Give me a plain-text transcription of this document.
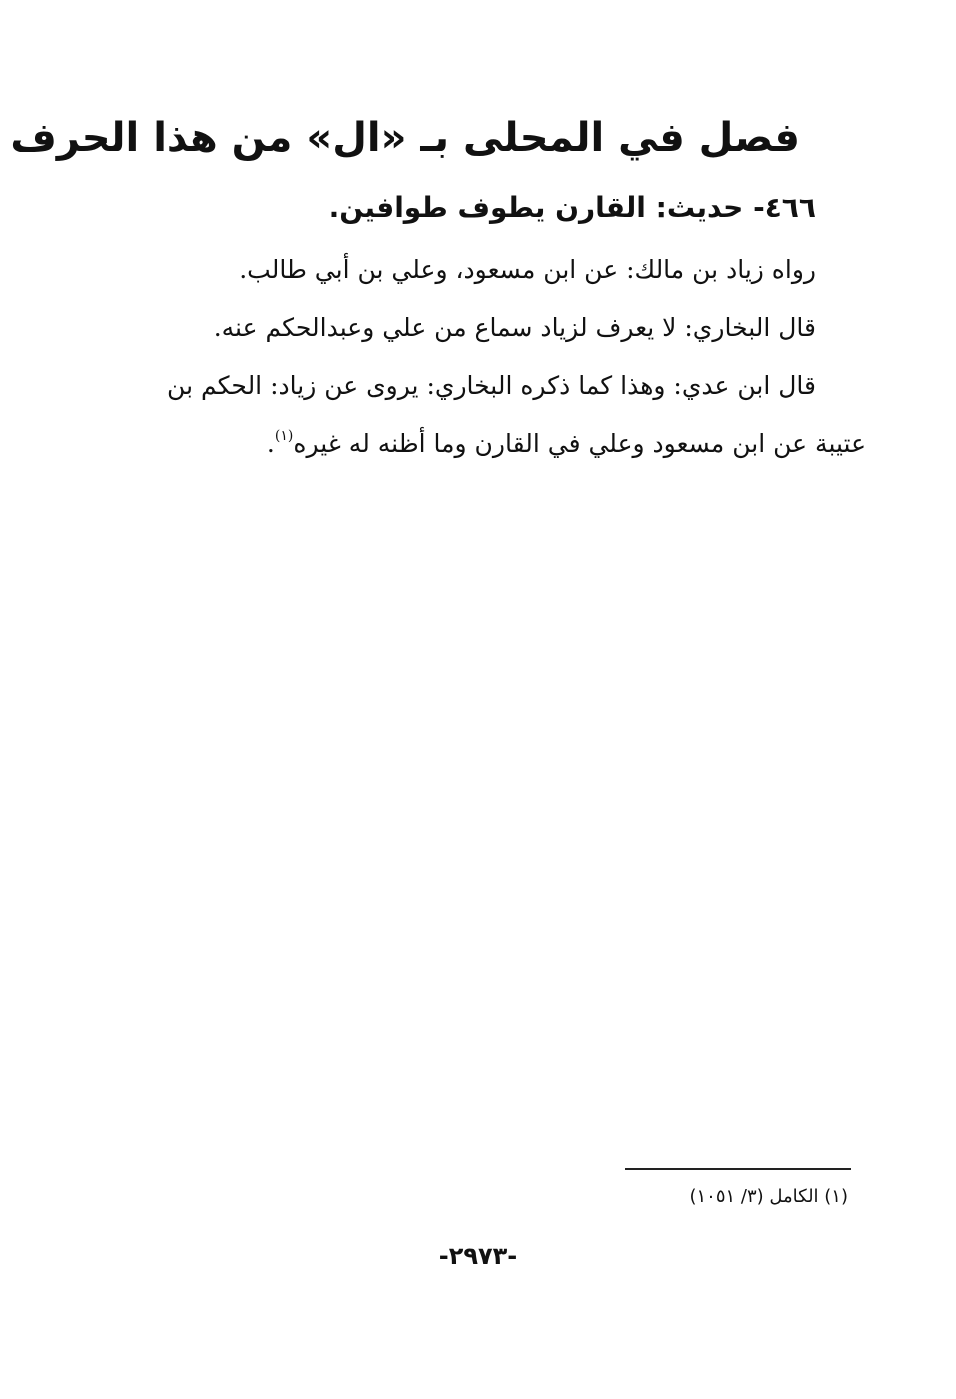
فصل في المحلى بـ «ال» من هذا الحرف
٤٦٦- حديث: القارن يطوف طوافين.
رواه زياد بن مالك: عن ابن مسعود، وعلي بن أبي طالب.
قال البخاري: لا يعرف لزياد سماع من علي وعبدالحكم عنه.
قال ابن عدي: وهذا كما ذكره البخاري: يروى عن زياد: الحكم بن
عتيبة عن ابن مسعود وعلي في القارن وما أظنه له غيره$^{(١)}$.
(١) الكامل (٣/ ١٠٥١)
-٢٩٧٣-
